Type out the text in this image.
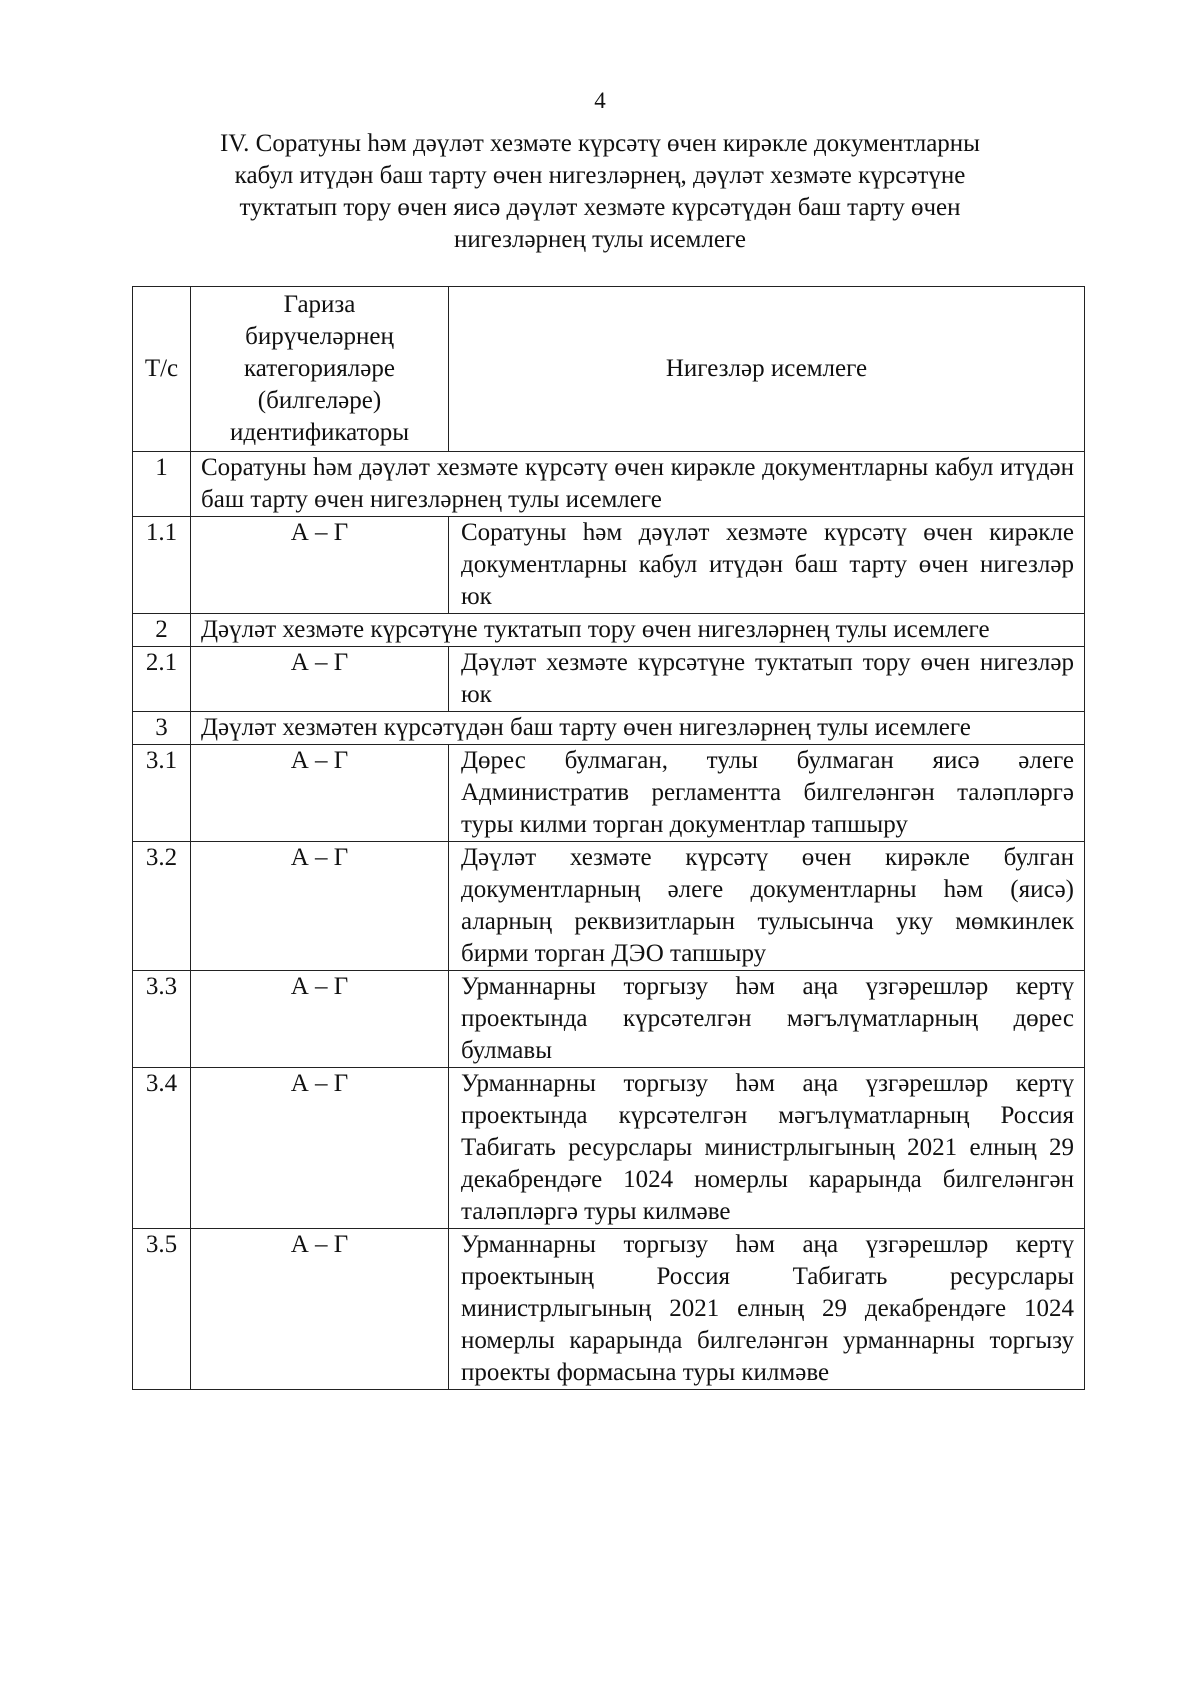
4
IV. Соратуны һәм дәүләт хезмәте күрсәтү өчен кирәкле документларны
кабул итүдән баш тарту өчен нигезләрнең, дәүләт хезмәте күрсәтүне
туктатып тору өчен яисә дәүләт хезмәте күрсәтүдән баш тарту өчен
нигезләрнең тулы исемлеге
Т/с	Гариза
бирүчеләрнең
категорияләре
(билгеләре)
идентификаторы	Нигезләр исемлеге
1	Соратуны һәм дәүләт хезмәте күрсәтү өчен кирәкле документларны кабул итүдән баш тарту өчен нигезләрнең тулы исемлеге	
1.1	А – Г	Соратуны һәм дәүләт хезмәте күрсәтү өчен кирәкле документларны кабул итүдән баш тарту өчен нигезләр юк
2	Дәүләт хезмәте күрсәтүне туктатып тору өчен нигезләрнең тулы исемлеге	
2.1	А – Г	Дәүләт хезмәте күрсәтүне туктатып тору өчен нигезләр юк
3	Дәүләт хезмәтен күрсәтүдән баш тарту өчен нигезләрнең тулы исемлеге	
3.1	А – Г	Дөрес булмаган, тулы булмаган яисә әлеге Административ регламентта билгеләнгән таләпләргә туры килми торган документлар тапшыру
3.2	А – Г	Дәүләт хезмәте күрсәтү өчен кирәкле булган документларның әлеге документларны һәм (яисә) аларның реквизитларын тулысынча уку мөмкинлек бирми торган ДЭО тапшыру
3.3	А – Г	Урманнарны торгызу һәм аңа үзгәрешләр кертү проектында күрсәтелгән мәгълүматларның дөрес булмавы
3.4	А – Г	Урманнарны торгызу һәм аңа үзгәрешләр кертү проектында күрсәтелгән мәгълүматларның Россия Табигать ресурслары министрлыгының 2021 елның 29 декабрендәге 1024 номерлы карарында билгеләнгән таләпләргә туры килмәве
3.5	А – Г	Урманнарны торгызу һәм аңа үзгәрешләр кертү проектының Россия Табигать ресурслары министрлыгының 2021 елның 29 декабрендәге 1024 номерлы карарында билгеләнгән урманнарны торгызу проекты формасына туры килмәве
